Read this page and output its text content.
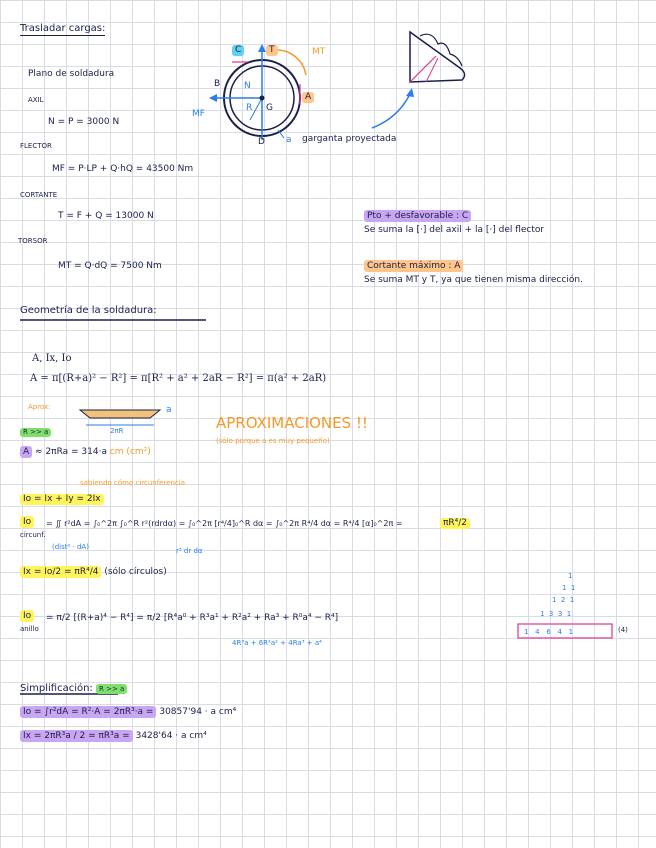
Trasladar cargas:
Plano de soldadura
AXIL
N = P = 3000 N
FLECTOR
MF = P·LP + Q·hQ = 43500 Nm
CORTANTE
T = F + Q = 13000 N
TORSOR
MT = Q·dQ = 7500 Nm
C	T	MT
B
A
N
MF
R G
D a garganta proyectada
Pto + desfavorable : C
Se suma la [·] del axil + la [·] del flector
Cortante máximo : A
Se suma MT y T, ya que tienen misma dirección.
Geometría de la soldadura:
A, Ix, Io
A = π[(R+a)² − R²] = π[R² + a² + 2aR − R²] = π(a² + 2aR)
Aprox:
2πR
a
APROXIMACIONES !!
(sólo porque a es muy pequeño)
R >> a
A ≈ 2πRa = 314·a cm (cm²)
sabiendo cómo circunferencia
Io = Ix + Iy = 2Ix
Io
circunf.
= ∬ r²dA = ∫₀^2π ∫₀^R r²(rdrdα) = ∫₀^2π [r⁴/4]₀^R dα = ∫₀^2π R⁴/4 dα = R⁴/4 [α]₀^2π =	πR⁴/2
(dist² · dA)	r³ dr dα
Ix = Io/2 = πR⁴/4 (sólo círculos)
Io
anillo
= π/2 [(R+a)⁴ − R⁴] = π/2 [R⁴a⁰ + R³a¹ + R²a² + Ra³ + R⁰a⁴ − R⁴]
4R³a + 6R²a² + 4Ra³ + a⁴
1
1 1
1 2 1
1 3 3 1
1 4 6 4 1	(4)
Simplificación: R >> a
Io = ∫r²dA = R²·A = 2πR³·a = 30857'94 · a cm⁴
Ix = 2πR³a / 2 = πR³a = 3428'64 · a cm⁴
